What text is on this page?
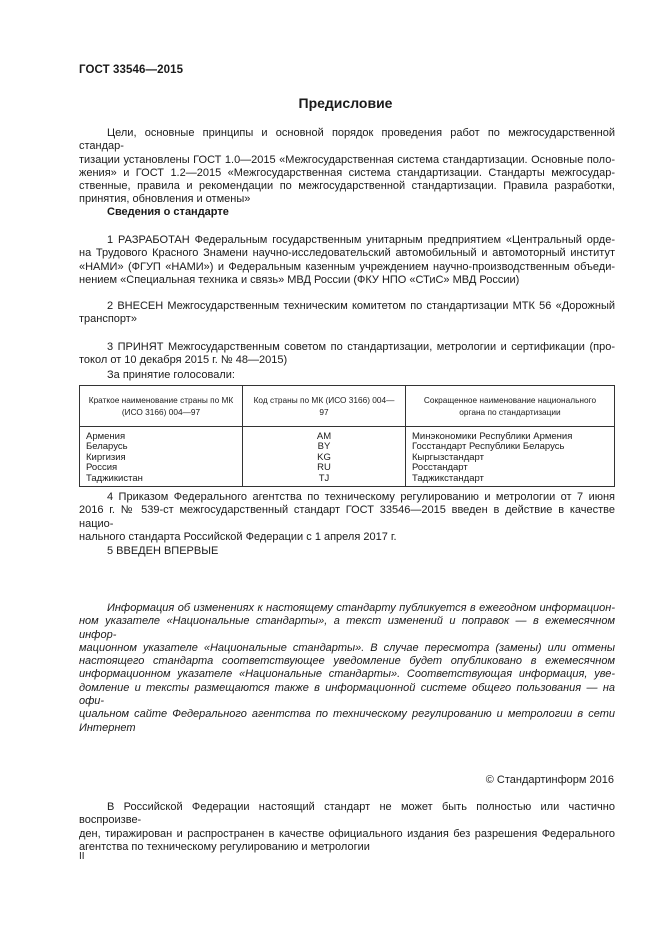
ГОСТ 33546—2015
Предисловие
Цели, основные принципы и основной порядок проведения работ по межгосударственной стандар-
тизации установлены ГОСТ 1.0—2015 «Межгосударственная система стандартизации. Основные поло-
жения» и ГОСТ 1.2—2015 «Межгосударственная система стандартизации. Стандарты межгосудар-
ственные, правила и рекомендации по межгосударственной стандартизации. Правила разработки,
принятия, обновления и отмены»
Сведения о стандарте
1 РАЗРАБОТАН Федеральным государственным унитарным предприятием «Центральный орде-
на Трудового Красного Знамени научно-исследовательский автомобильный и автомоторный институт
«НАМИ» (ФГУП «НАМИ») и Федеральным казенным учреждением научно-производственным объеди-
нением «Специальная техника и связь» МВД России (ФКУ НПО «СТиС» МВД России)
2 ВНЕСЕН Межгосударственным техническим комитетом по стандартизации МТК 56 «Дорожный
транспорт»
3 ПРИНЯТ Межгосударственным советом по стандартизации, метрологии и сертификации (про-
токол от 10 декабря 2015 г. № 48—2015)
За принятие голосовали:
Краткое наименование страны по МК (ИСО 3166) 004—97	Код страны по МК (ИСО 3166) 004—97	Сокращенное наименование национального органа по стандартизации
Армения	AM	Минэкономики Республики Армения
Беларусь	BY	Госстандарт Республики Беларусь
Киргизия	KG	Кыргызстандарт
Россия	RU	Росстандарт
Таджикистан	TJ	Таджикстандарт
4 Приказом Федерального агентства по техническому регулированию и метрологии от 7 июня
2016 г. № 539-ст межгосударственный стандарт ГОСТ 33546—2015 введен в действие в качестве нацио-
нального стандарта Российской Федерации с 1 апреля 2017 г.
5 ВВЕДЕН ВПЕРВЫЕ
Информация об изменениях к настоящему стандарту публикуется в ежегодном информацион-
ном указателе «Национальные стандарты», а текст изменений и поправок — в ежемесячном инфор-
мационном указателе «Национальные стандарты». В случае пересмотра (замены) или отмены
настоящего стандарта соответствующее уведомление будет опубликовано в ежемесячном
информационном указателе «Национальные стандарты». Соответствующая информация, уве-
домление и тексты размещаются также в информационной системе общего пользования — на офи-
циальном сайте Федерального агентства по техническому регулированию и метрологии в сети
Интернет
© Стандартинформ 2016
В Российской Федерации настоящий стандарт не может быть полностью или частично воспроизве-
ден, тиражирован и распространен в качестве официального издания без разрешения Федерального
агентства по техническому регулированию и метрологии
II
